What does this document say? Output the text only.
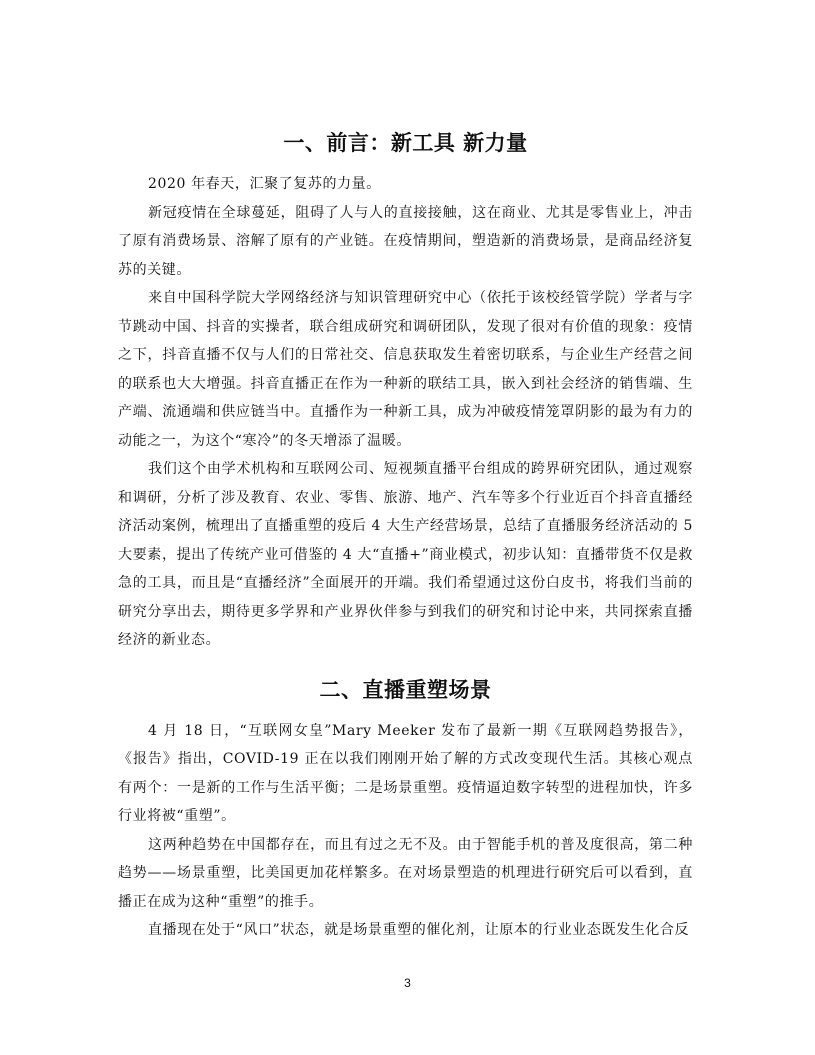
一、前言：新工具 新力量

2020 年春天，汇聚了复苏的力量。

新冠疫情在全球蔓延，阻碍了人与人的直接接触，这在商业、尤其是零售业上，冲击了原有消费场景、溶解了原有的产业链。在疫情期间，塑造新的消费场景，是商品经济复苏的关键。

来自中国科学院大学网络经济与知识管理研究中心（依托于该校经管学院）学者与字节跳动中国、抖音的实操者，联合组成研究和调研团队，发现了很对有价值的现象：疫情之下，抖音直播不仅与人们的日常社交、信息获取发生着密切联系，与企业生产经营之间的联系也大大增强。抖音直播正在作为一种新的联结工具，嵌入到社会经济的销售端、生产端、流通端和供应链当中。直播作为一种新工具，成为冲破疫情笼罩阴影的最为有力的动能之一，为这个“寒冷”的冬天增添了温暖。

我们这个由学术机构和互联网公司、短视频直播平台组成的跨界研究团队，通过观察和调研，分析了涉及教育、农业、零售、旅游、地产、汽车等多个行业近百个抖音直播经济活动案例，梳理出了直播重塑的疫后 4 大生产经营场景，总结了直播服务经济活动的 5 大要素，提出了传统产业可借鉴的 4 大“直播+”商业模式，初步认知：直播带货不仅是救急的工具，而且是“直播经济”全面展开的开端。我们希望通过这份白皮书，将我们当前的研究分享出去，期待更多学界和产业界伙伴参与到我们的研究和讨论中来，共同探索直播经济的新业态。

二、直播重塑场景

4 月 18 日，“互联网女皇”Mary Meeker 发布了最新一期《互联网趋势报告》，《报告》指出，COVID-19 正在以我们刚刚开始了解的方式改变现代生活。其核心观点有两个：一是新的工作与生活平衡；二是场景重塑。疫情逼迫数字转型的进程加快，许多行业将被“重塑”。

这两种趋势在中国都存在，而且有过之无不及。由于智能手机的普及度很高，第二种趋势——场景重塑，比美国更加花样繁多。在对场景塑造的机理进行研究后可以看到，直播正在成为这种“重塑”的推手。

直播现在处于“风口”状态，就是场景重塑的催化剂，让原本的行业业态既发生化合反

3
